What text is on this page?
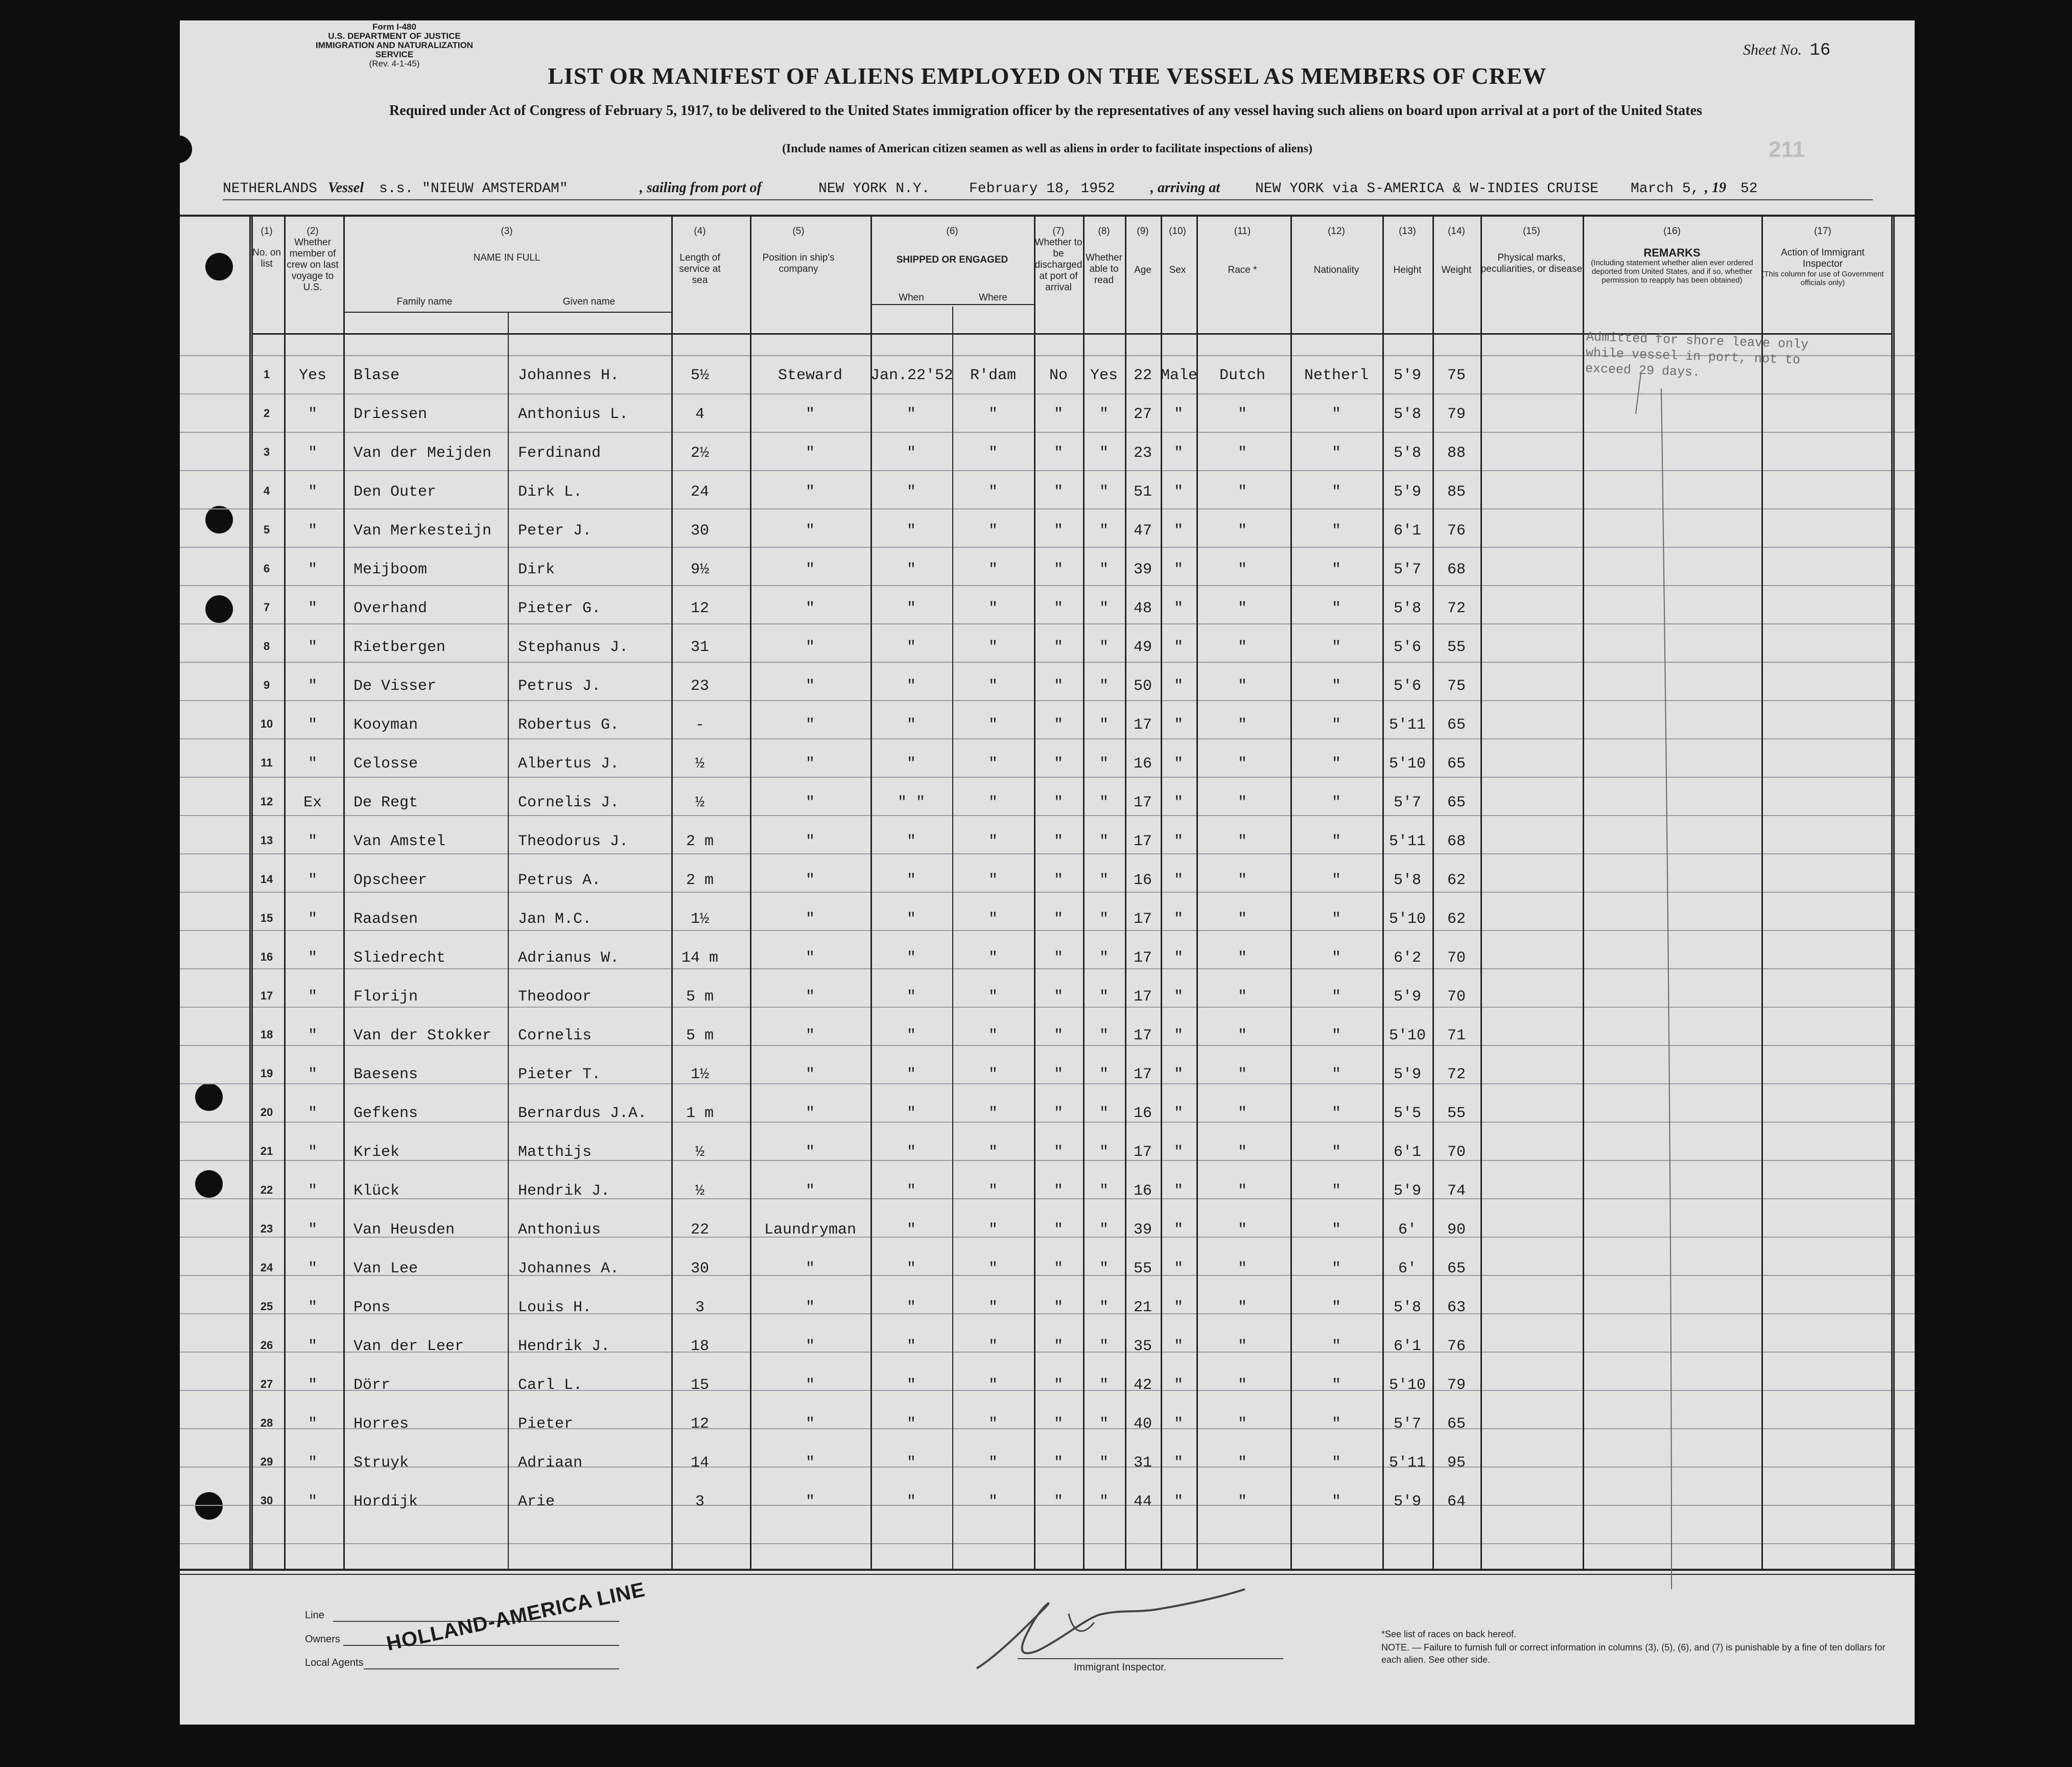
Form I-480
U.S. DEPARTMENT OF JUSTICE
IMMIGRATION AND NATURALIZATION SERVICE
(Rev. 4-1-45)
Sheet No. 16
211
LIST OR MANIFEST OF ALIENS EMPLOYED ON THE VESSEL AS MEMBERS OF CREW
Required under Act of Congress of February 5, 1917, to be delivered to the United States immigration officer by the representatives of any vessel having such aliens on board upon arrival at a port of the United States
(Include names of American citizen seamen as well as aliens in order to facilitate inspections of aliens)
NETHERLANDS Vessel s.s. "NIEUW AMSTERDAM"	, sailing from port of	NEW YORK N.Y.	February 18, 1952 , arriving at NEW YORK via S-AMERICA & W-INDIES CRUISE March 5, , 19 52
(1)
No. on list
(2)
Whether member of crew on last voyage to U.S.
(3)
NAME IN FULL
Family name	Given name
(4)
Length of service at sea
(5)
Position in ship's company
(6)
SHIPPED OR ENGAGED
When	Where
(7)
Whether to be discharged at port of arrival
(8)
Whether able to read
(9)
Age
(10)
Sex
(11)
Race *
(12)
Nationality
(13)
Height
(14)
Weight
(15)
Physical marks, peculiarities, or disease
(16)
REMARKS
(Including statement whether alien ever ordered deported from United States, and if so, whether permission to reapply has been obtained)
(17)
Action of Immigrant Inspector
(This column for use of Government officials only)
1	Yes	Blase	Johannes H.	5½	Steward	Jan.22'52	R'dam	No	Yes	22 Male	Dutch	Netherl	5'9	75
2	"	Driessen	Anthonius L.	4	"	"	"	"	"	27	"	"	"	5'8	79
3	"	Van der Meijden	Ferdinand	2½	"	"	"	"	"	23	"	"	"	5'8	88
4	"	Den Outer	Dirk L.	24	"	"	"	"	"	51	"	"	"	5'9	85
5	"	Van Merkesteijn	Peter J.	30	"	"	"	"	"	47	"	"	"	6'1	76
6	"	Meijboom	Dirk	9½	"	"	"	"	"	39	"	"	"	5'7	68
7	"	Overhand	Pieter G.	12	"	"	"	"	"	48	"	"	"	5'8	72
8	"	Rietbergen	Stephanus J.	31	"	"	"	"	"	49	"	"	"	5'6	55
9	"	De Visser	Petrus J.	23	"	"	"	"	"	50	"	"	"	5'6	75
10	"	Kooyman	Robertus G.	-	"	"	"	"	"	17	"	"	"	5'11	65
11	"	Celosse	Albertus J.	½	"	"	"	"	"	16	"	"	"	5'10	65
12	Ex	De Regt	Cornelis J.	½	"	" "	"	"	"	17	"	"	"	5'7	65
13	"	Van Amstel	Theodorus J.	2 m	"	"	"	"	"	17	"	"	"	5'11	68
14	"	Opscheer	Petrus A.	2 m	"	"	"	"	"	16	"	"	"	5'8	62
15	"	Raadsen	Jan M.C.	1½	"	"	"	"	"	17	"	"	"	5'10	62
16	"	Sliedrecht	Adrianus W.	14 m	"	"	"	"	"	17	"	"	"	6'2	70
17	"	Florijn	Theodoor	5 m	"	"	"	"	"	17	"	"	"	5'9	70
18	"	Van der Stokker	Cornelis	5 m	"	"	"	"	"	17	"	"	"	5'10	71
19	"	Baesens	Pieter T.	1½	"	"	"	"	"	17	"	"	"	5'9	72
20	"	Gefkens	Bernardus J.A.	1 m	"	"	"	"	"	16	"	"	"	5'5	55
21	"	Kriek	Matthijs	½	"	"	"	"	"	17	"	"	"	6'1	70
22	"	Klück	Hendrik J.	½	"	"	"	"	"	16	"	"	"	5'9	74
23	"	Van Heusden	Anthonius	22	Laundryman	"	"	"	"	39	"	"	"	6'	90
24	"	Van Lee	Johannes A.	30	"	"	"	"	"	55	"	"	"	6'	65
25	"	Pons	Louis H.	3	"	"	"	"	"	21	"	"	"	5'8	63
26	"	Van der Leer	Hendrik J.	18	"	"	"	"	"	35	"	"	"	6'1	76
27	"	Dörr	Carl L.	15	"	"	"	"	"	42	"	"	"	5'10	79
28	"	Horres	Pieter	12	"	"	"	"	"	40	"	"	"	5'7	65
29	"	Struyk	Adriaan	14	"	"	"	"	"	31	"	"	"	5'11	95
30	"	Hordijk	Arie	3	"	"	"	"	"	44	"	"	"	5'9	64
Admitted for shore leave only while vessel in port, not to exceed 29 days.
Line
Owners
Local Agents
HOLLAND-AMERICA LINE
Immigrant Inspector.
*See list of races on back hereof.
NOTE. — Failure to furnish full or correct information in columns (3), (5), (6), and (7) is punishable by a fine of ten dollars for each alien. See other side.
